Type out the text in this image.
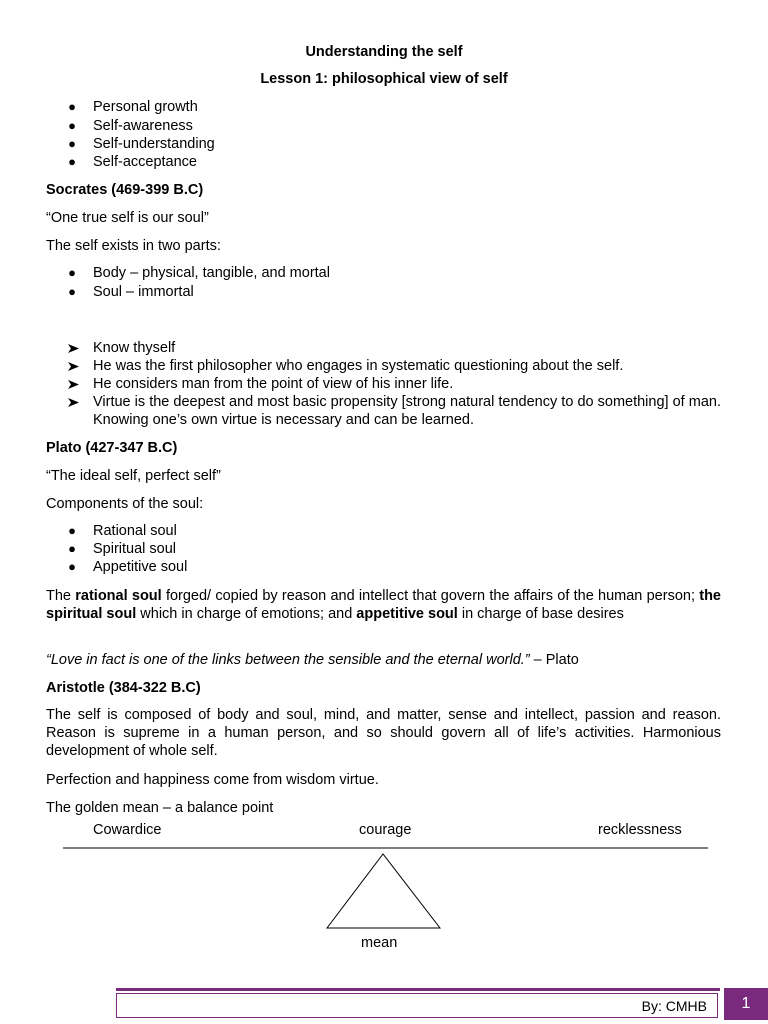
Understanding the self
Lesson 1: philosophical view of self
● Personal growth
● Self-awareness
● Self-understanding
● Self-acceptance
Socrates (469-399 B.C)
“One true self is our soul”
The self exists in two parts:
● Body – physical, tangible, and mortal
● Soul – immortal
Know thyself
He was the first philosopher who engages in systematic questioning about the self.
He considers man from the point of view of his inner life.
Virtue is the deepest and most basic propensity [strong natural tendency to do something] of man. Knowing one’s own virtue is necessary and can be learned.
Plato (427-347 B.C)
“The ideal self, perfect self”
Components of the soul:
● Rational soul
● Spiritual soul
● Appetitive soul
The rational soul forged/ copied by reason and intellect that govern the affairs of the human person; the spiritual soul which in charge of emotions; and appetitive soul in charge of base desires
“Love in fact is one of the links between the sensible and the eternal world.” – Plato
Aristotle (384-322 B.C)
The self is composed of body and soul, mind, and matter, sense and intellect, passion and reason. Reason is supreme in a human person, and so should govern all of life’s activities. Harmonious development of whole self.
Perfection and happiness come from wisdom virtue.
The golden mean – a balance point
Cowardice	courage	recklessness
mean
By: CMHB	1
